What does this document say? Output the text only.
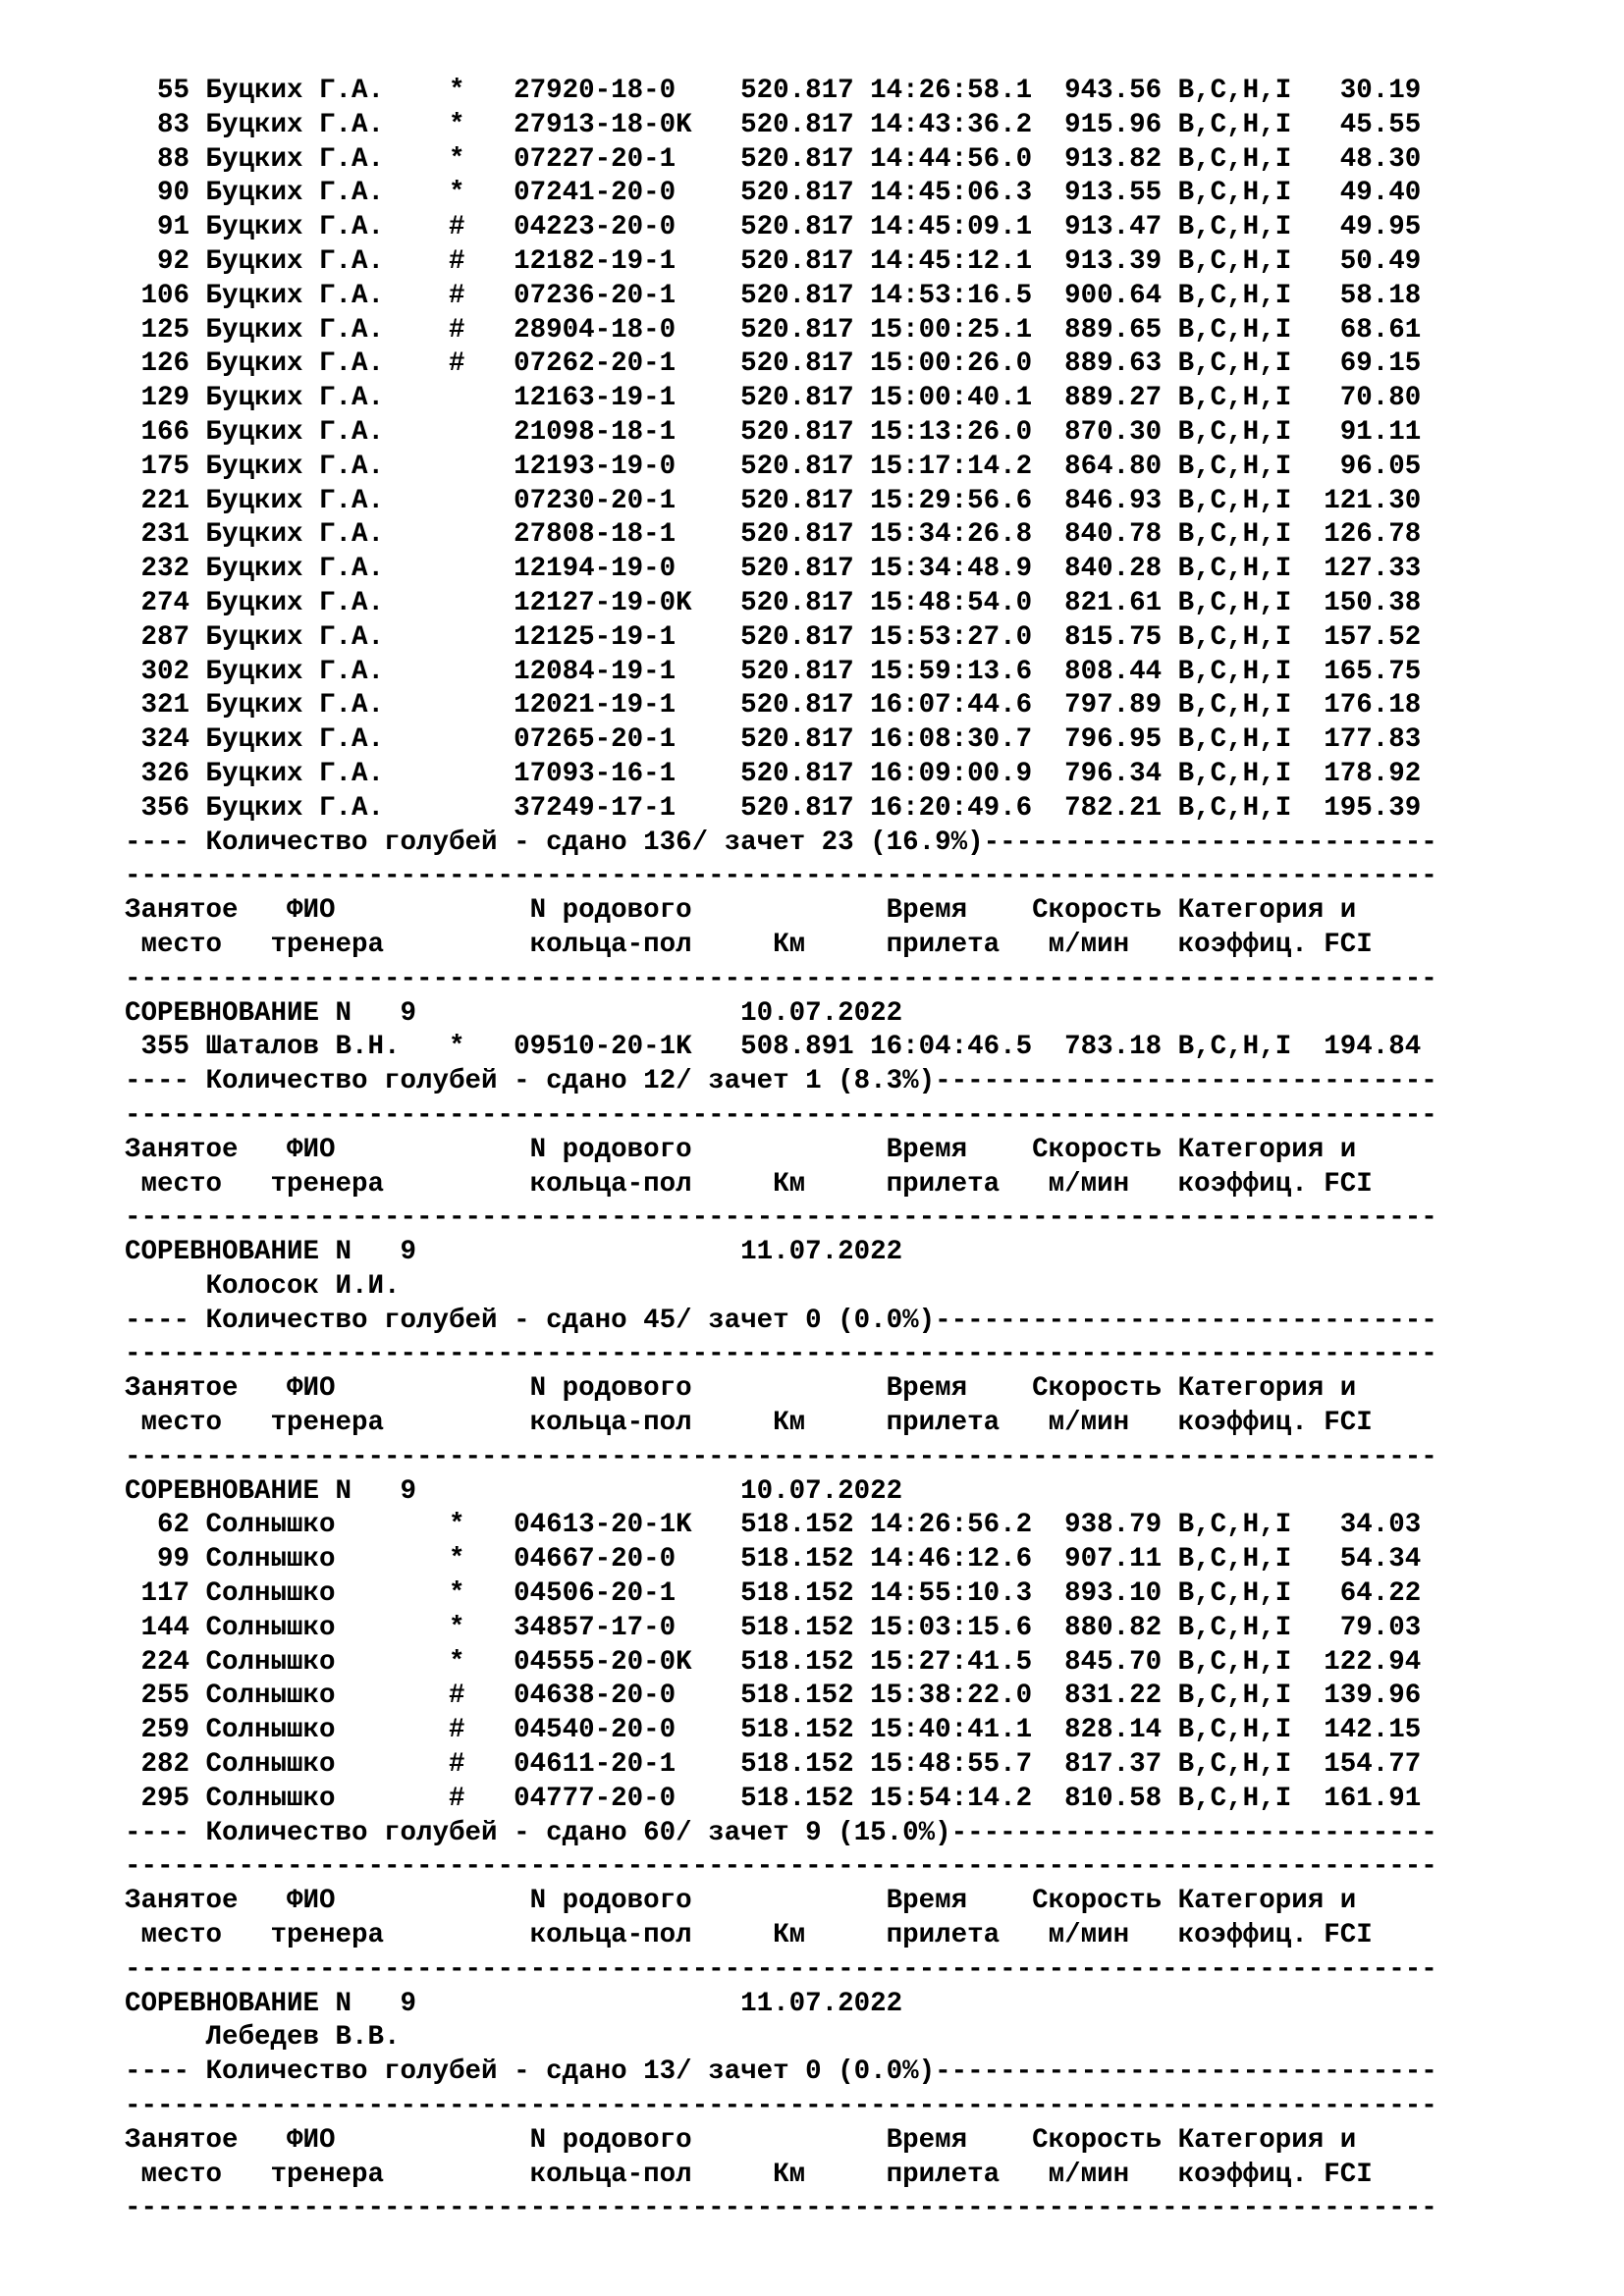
55 Буцких Г.А.    *   27920-18-0    520.817 14:26:58.1  943.56 B,C,H,I   30.19
83 Буцких Г.А.    *   27913-18-0K   520.817 14:43:36.2  915.96 B,C,H,I   45.55
88 Буцких Г.А.    *   07227-20-1    520.817 14:44:56.0  913.82 B,C,H,I   48.30
90 Буцких Г.А.    *   07241-20-0    520.817 14:45:06.3  913.55 B,C,H,I   49.40
91 Буцких Г.А.    #   04223-20-0    520.817 14:45:09.1  913.47 B,C,H,I   49.95
92 Буцких Г.А.    #   12182-19-1    520.817 14:45:12.1  913.39 B,C,H,I   50.49
106 Буцких Г.А.    #   07236-20-1    520.817 14:53:16.5  900.64 B,C,H,I   58.18
125 Буцких Г.А.    #   28904-18-0    520.817 15:00:25.1  889.65 B,C,H,I   68.61
126 Буцких Г.А.    #   07262-20-1    520.817 15:00:26.0  889.63 B,C,H,I   69.15
129 Буцких Г.А.        12163-19-1    520.817 15:00:40.1  889.27 B,C,H,I   70.80
166 Буцких Г.А.        21098-18-1    520.817 15:13:26.0  870.30 B,C,H,I   91.11
175 Буцких Г.А.        12193-19-0    520.817 15:17:14.2  864.80 B,C,H,I   96.05
221 Буцких Г.А.        07230-20-1    520.817 15:29:56.6  846.93 B,C,H,I  121.30
231 Буцких Г.А.        27808-18-1    520.817 15:34:26.8  840.78 B,C,H,I  126.78
232 Буцких Г.А.        12194-19-0    520.817 15:34:48.9  840.28 B,C,H,I  127.33
274 Буцких Г.А.        12127-19-0K   520.817 15:48:54.0  821.61 B,C,H,I  150.38
287 Буцких Г.А.        12125-19-1    520.817 15:53:27.0  815.75 B,C,H,I  157.52
302 Буцких Г.А.        12084-19-1    520.817 15:59:13.6  808.44 B,C,H,I  165.75
321 Буцких Г.А.        12021-19-1    520.817 16:07:44.6  797.89 B,C,H,I  176.18
324 Буцких Г.А.        07265-20-1    520.817 16:08:30.7  796.95 B,C,H,I  177.83
326 Буцких Г.А.        17093-16-1    520.817 16:09:00.9  796.34 B,C,H,I  178.92
356 Буцких Г.А.        37249-17-1    520.817 16:20:49.6  782.21 B,C,H,I  195.39
---- Количество голубей - сдано 136/ зачет 23 (16.9%)----------------------------
---------------------------------------------------------------------------------
Занятое   ФИО            N родового            Время    Скорость Категория и
место   тренера         кольца-пол     Км     прилета   м/мин   коэффиц. FCI
---------------------------------------------------------------------------------
СОРЕВНОВАНИЕ N   9                    10.07.2022
355 Шаталов В.Н.   *   09510-20-1K   508.891 16:04:46.5  783.18 B,C,H,I  194.84
---- Количество голубей - сдано 12/ зачет 1 (8.3%)-------------------------------
---------------------------------------------------------------------------------
Занятое   ФИО            N родового            Время    Скорость Категория и
место   тренера         кольца-пол     Км     прилета   м/мин   коэффиц. FCI
---------------------------------------------------------------------------------
СОРЕВНОВАНИЕ N   9                    11.07.2022
Колосок И.И.
---- Количество голубей - сдано 45/ зачет 0 (0.0%)-------------------------------
---------------------------------------------------------------------------------
Занятое   ФИО            N родового            Время    Скорость Категория и
место   тренера         кольца-пол     Км     прилета   м/мин   коэффиц. FCI
---------------------------------------------------------------------------------
СОРЕВНОВАНИЕ N   9                    10.07.2022
62 Солнышко       *   04613-20-1K   518.152 14:26:56.2  938.79 B,C,H,I   34.03
99 Солнышко       *   04667-20-0    518.152 14:46:12.6  907.11 B,C,H,I   54.34
117 Солнышко       *   04506-20-1    518.152 14:55:10.3  893.10 B,C,H,I   64.22
144 Солнышко       *   34857-17-0    518.152 15:03:15.6  880.82 B,C,H,I   79.03
224 Солнышко       *   04555-20-0K   518.152 15:27:41.5  845.70 B,C,H,I  122.94
255 Солнышко       #   04638-20-0    518.152 15:38:22.0  831.22 B,C,H,I  139.96
259 Солнышко       #   04540-20-0    518.152 15:40:41.1  828.14 B,C,H,I  142.15
282 Солнышко       #   04611-20-1    518.152 15:48:55.7  817.37 B,C,H,I  154.77
295 Солнышко       #   04777-20-0    518.152 15:54:14.2  810.58 B,C,H,I  161.91
---- Количество голубей - сдано 60/ зачет 9 (15.0%)------------------------------
---------------------------------------------------------------------------------
Занятое   ФИО            N родового            Время    Скорость Категория и
место   тренера         кольца-пол     Км     прилета   м/мин   коэффиц. FCI
---------------------------------------------------------------------------------
СОРЕВНОВАНИЕ N   9                    11.07.2022
Лебедев В.В.
---- Количество голубей - сдано 13/ зачет 0 (0.0%)-------------------------------
---------------------------------------------------------------------------------
Занятое   ФИО            N родового            Время    Скорость Категория и
место   тренера         кольца-пол     Км     прилета   м/мин   коэффиц. FCI
---------------------------------------------------------------------------------
